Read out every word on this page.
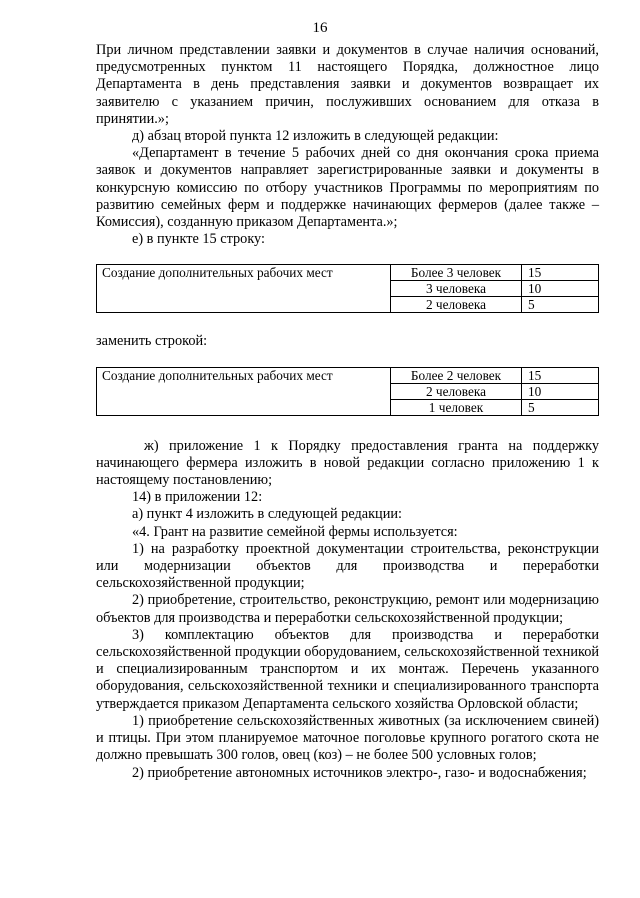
16

При личном представлении заявки и документов в случае наличия оснований, предусмотренных пунктом 11 настоящего Порядка, должностное лицо Департамента в день представления заявки и документов возвращает их заявителю с указанием причин, послуживших основанием для отказа в принятии.»;

д) абзац второй пункта 12 изложить в следующей редакции:

«Департамент в течение 5 рабочих дней со дня окончания срока приема заявок и документов направляет зарегистрированные заявки и документы в конкурсную комиссию по отбору участников Программы по мероприятиям по развитию семейных ферм и поддержке начинающих фермеров (далее также – Комиссия), созданную приказом Департамента.»;

е) в пункте 15 строку:

Создание дополнительных рабочих мест	Более 3 человек	15
	3 человека	10
	2 человека	5

заменить строкой:

Создание дополнительных рабочих мест	Более 2 человек	15
	2 человека	10
	1 человек	5

ж) приложение 1 к Порядку предоставления гранта на поддержку начинающего фермера изложить в новой редакции согласно приложению 1 к настоящему постановлению;

14) в приложении 12:

а) пункт 4 изложить в следующей редакции:

«4. Грант на развитие семейной фермы используется:

1) на разработку проектной документации строительства, реконструкции или модернизации объектов для производства и переработки сельскохозяйственной продукции;

2) приобретение, строительство, реконструкцию, ремонт или модернизацию объектов для производства и переработки сельскохозяйственной продукции;

3) комплектацию объектов для производства и переработки сельскохозяйственной продукции оборудованием, сельскохозяйственной техникой и специализированным транспортом и их монтаж. Перечень указанного оборудования, сельскохозяйственной техники и специализированного транспорта утверждается приказом Департамента сельского хозяйства Орловской области;

1) приобретение сельскохозяйственных животных (за исключением свиней) и птицы. При этом планируемое маточное поголовье крупного рогатого скота не должно превышать 300 голов, овец (коз) – не более 500 условных голов;

2) приобретение автономных источников электро-, газо- и водоснабжения;
